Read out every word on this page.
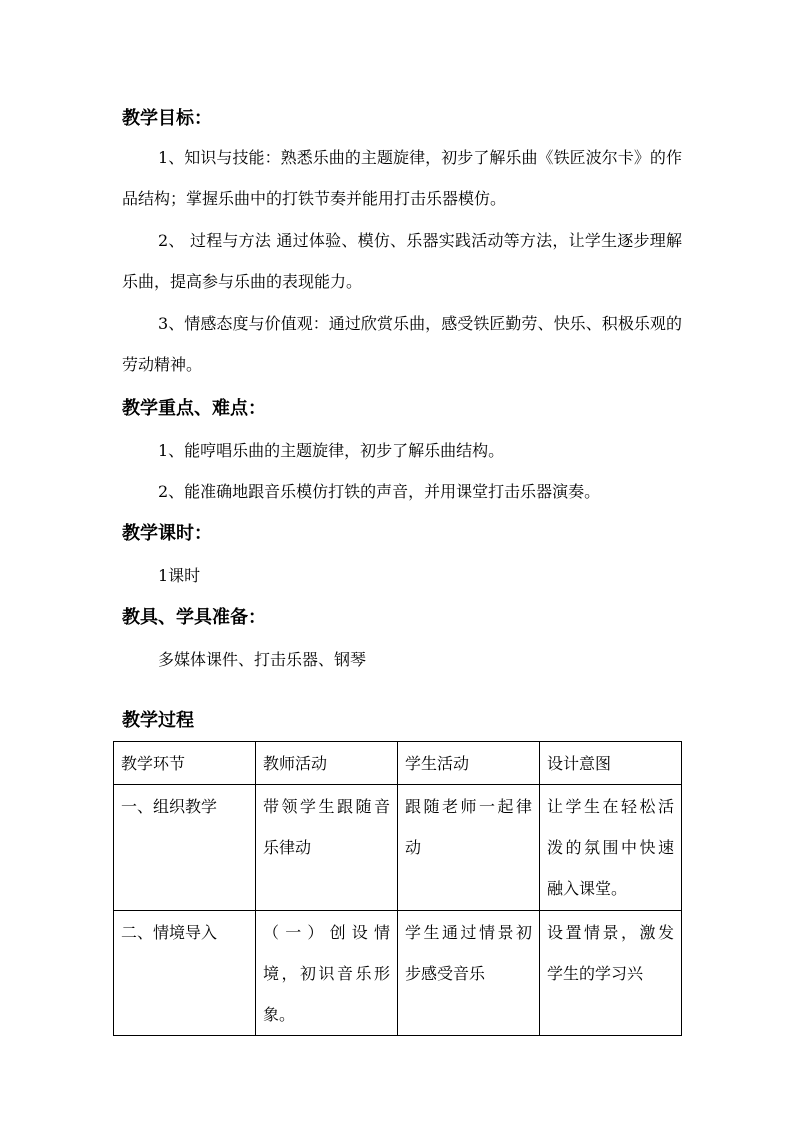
教学目标：
1、知识与技能：熟悉乐曲的主题旋律，初步了解乐曲《铁匠波尔卡》的作品结构；掌握乐曲中的打铁节奏并能用打击乐器模仿。
2、 过程与方法 通过体验、模仿、乐器实践活动等方法，让学生逐步理解乐曲，提高参与乐曲的表现能力。
3、情感态度与价值观：通过欣赏乐曲，感受铁匠勤劳、快乐、积极乐观的劳动精神。
教学重点、难点：
1、能哼唱乐曲的主题旋律，初步了解乐曲结构。
2、能准确地跟音乐模仿打铁的声音，并用课堂打击乐器演奏。
教学课时：
1课时
教具、学具准备：
多媒体课件、打击乐器、钢琴
教学过程
教学环节	教师活动	学生活动	设计意图
一、组织教学	带领学生跟随音乐律动	跟随老师一起律动	让学生在轻松活泼的氛围中快速融入课堂。
二、情境导入	（一）创设情境，初识音乐形象。	学生通过情景初步感受音乐	设置情景，激发学生的学习兴
